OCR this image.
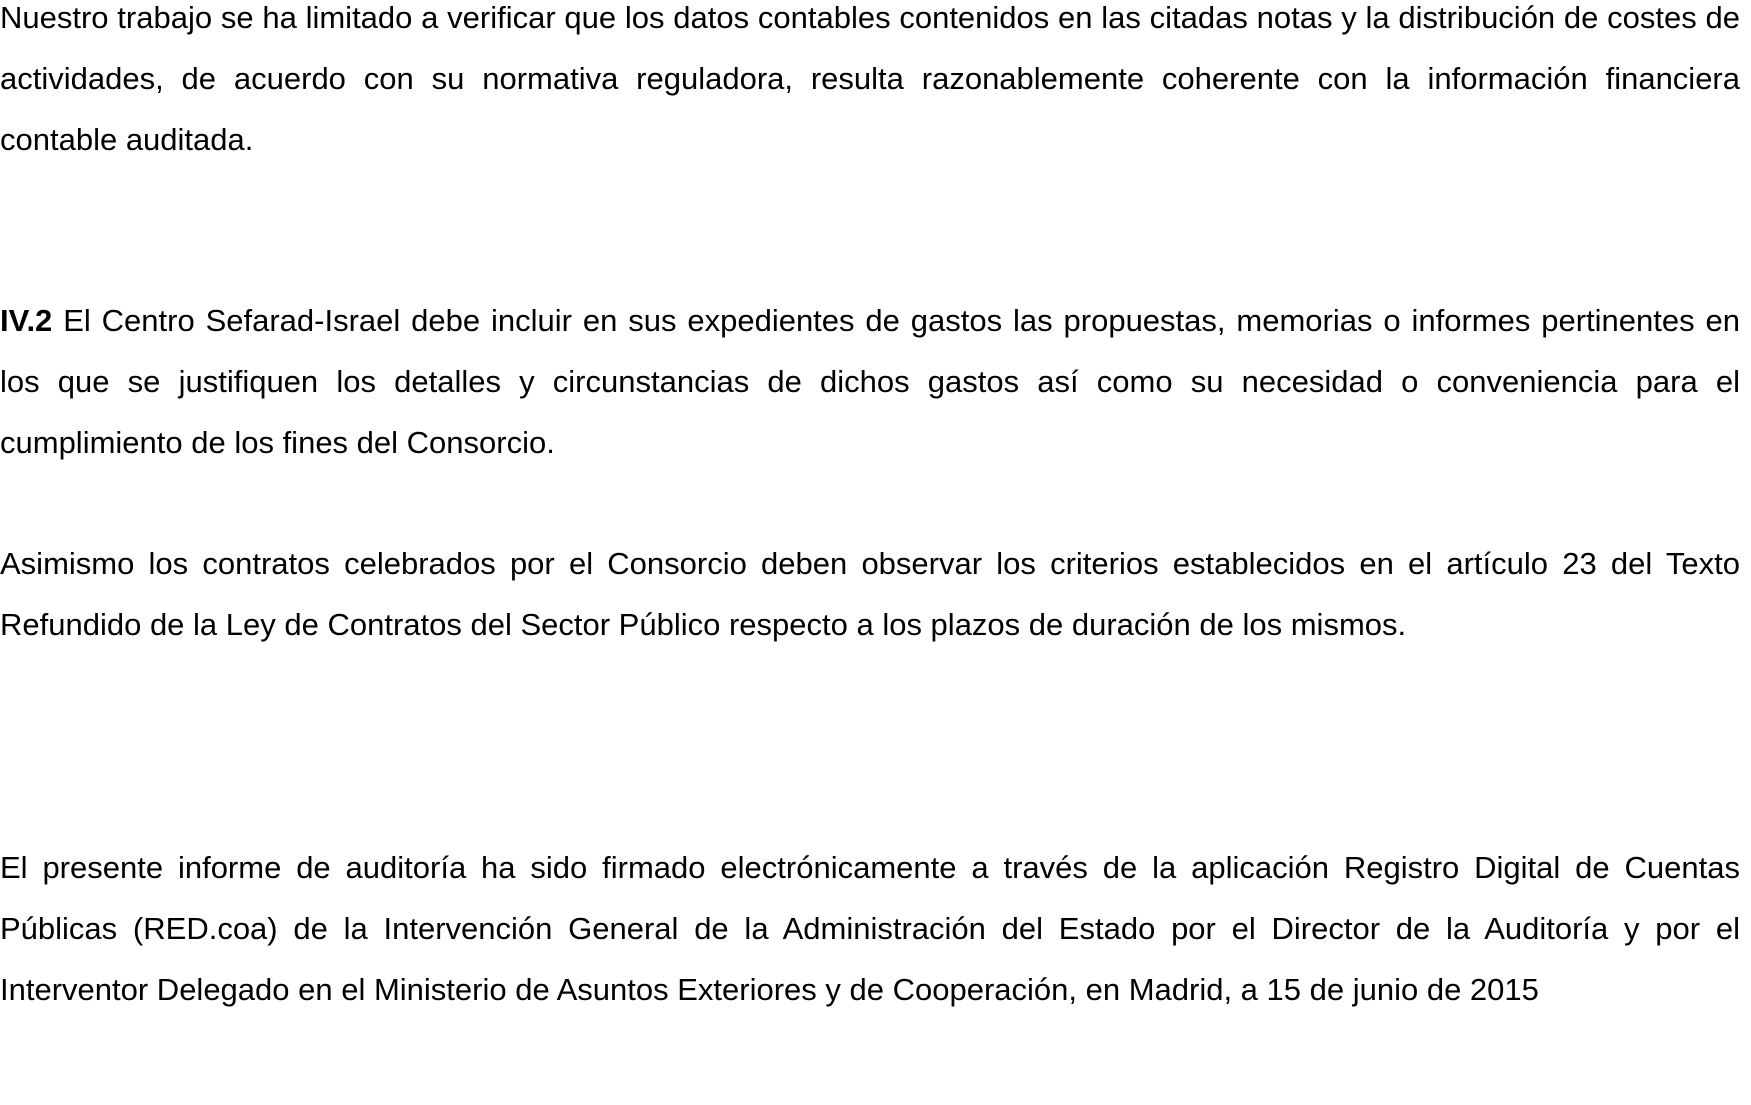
Nuestro trabajo se ha limitado a verificar que los datos contables contenidos en las citadas notas y la distribución de costes de actividades, de acuerdo con su normativa reguladora, resulta razonablemente coherente con la información financiera contable auditada.

IV.2 El Centro Sefarad-Israel debe incluir en sus expedientes de gastos las propuestas, memorias o informes pertinentes en los que se justifiquen los detalles y circunstancias de dichos gastos así como su necesidad o conveniencia para el cumplimiento de los fines del Consorcio.

Asimismo los contratos celebrados por el Consorcio deben observar los criterios establecidos en el artículo 23 del Texto Refundido de la Ley de Contratos del Sector Público respecto a los plazos de duración de los mismos.

El presente informe de auditoría ha sido firmado electrónicamente a través de la aplicación Registro Digital de Cuentas Públicas (RED.coa) de la Intervención General de la Administración del Estado por el Director de la Auditoría y por el Interventor Delegado en el Ministerio de Asuntos Exteriores y de Cooperación, en Madrid, a 15 de junio de 2015
